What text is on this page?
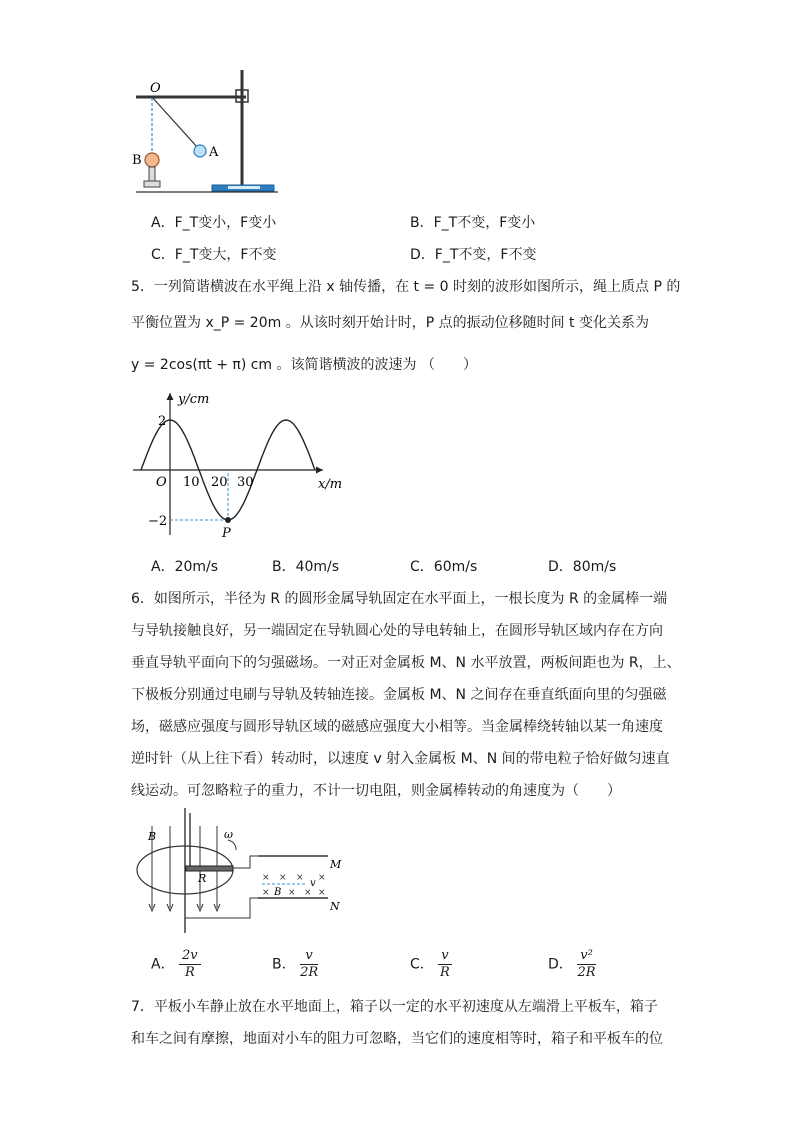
O
A
B
A．F_T变小，F变小	B．F_T不变，F变小
C．F_T变大，F不变	D．F_T不变，F不变
5．一列简谐横波在水平绳上沿 x 轴传播，在 t = 0 时刻的波形如图所示，绳上质点 P 的
平衡位置为 x_P = 20m 。从该时刻开始计时，P 点的振动位移随时间 t 变化关系为
y = 2cos(πt + π) cm 。该简谐横波的波速为 （　　）
y/cm
x/m
O 10 20 30
2
−2
P
A．20m/s	B．40m/s	C．60m/s	D．80m/s
6．如图所示，半径为 R 的圆形金属导轨固定在水平面上，一根长度为 R 的金属棒一端
与导轨接触良好，另一端固定在导轨圆心处的导电转轴上，在圆形导轨区域内存在方向
垂直导轨平面向下的匀强磁场。一对正对金属板 M、N 水平放置，两板间距也为 R，上、
下极板分别通过电刷与导轨及转轴连接。金属板 M、N 之间存在垂直纸面向里的匀强磁
场，磁感应强度与圆形导轨区域的磁感应强度大小相等。当金属棒绕转轴以某一角速度
逆时针（从上往下看）转动时，以速度 v 射入金属板 M、N 间的带电粒子恰好做匀速直
线运动。可忽略粒子的重力，不计一切电阻，则金属棒转动的角速度为（　　）
× × × ×
× × × ×
B	ω
R
M
N
v
B
A． $\frac{2v}{R}$	B． $\frac{v}{2R}$	C． $\frac{v}{R}$	D． $\frac{\text{v²}}{2R}$
7．平板小车静止放在水平地面上，箱子以一定的水平初速度从左端滑上平板车，箱子
和车之间有摩擦，地面对小车的阻力可忽略，当它们的速度相等时，箱子和平板车的位
